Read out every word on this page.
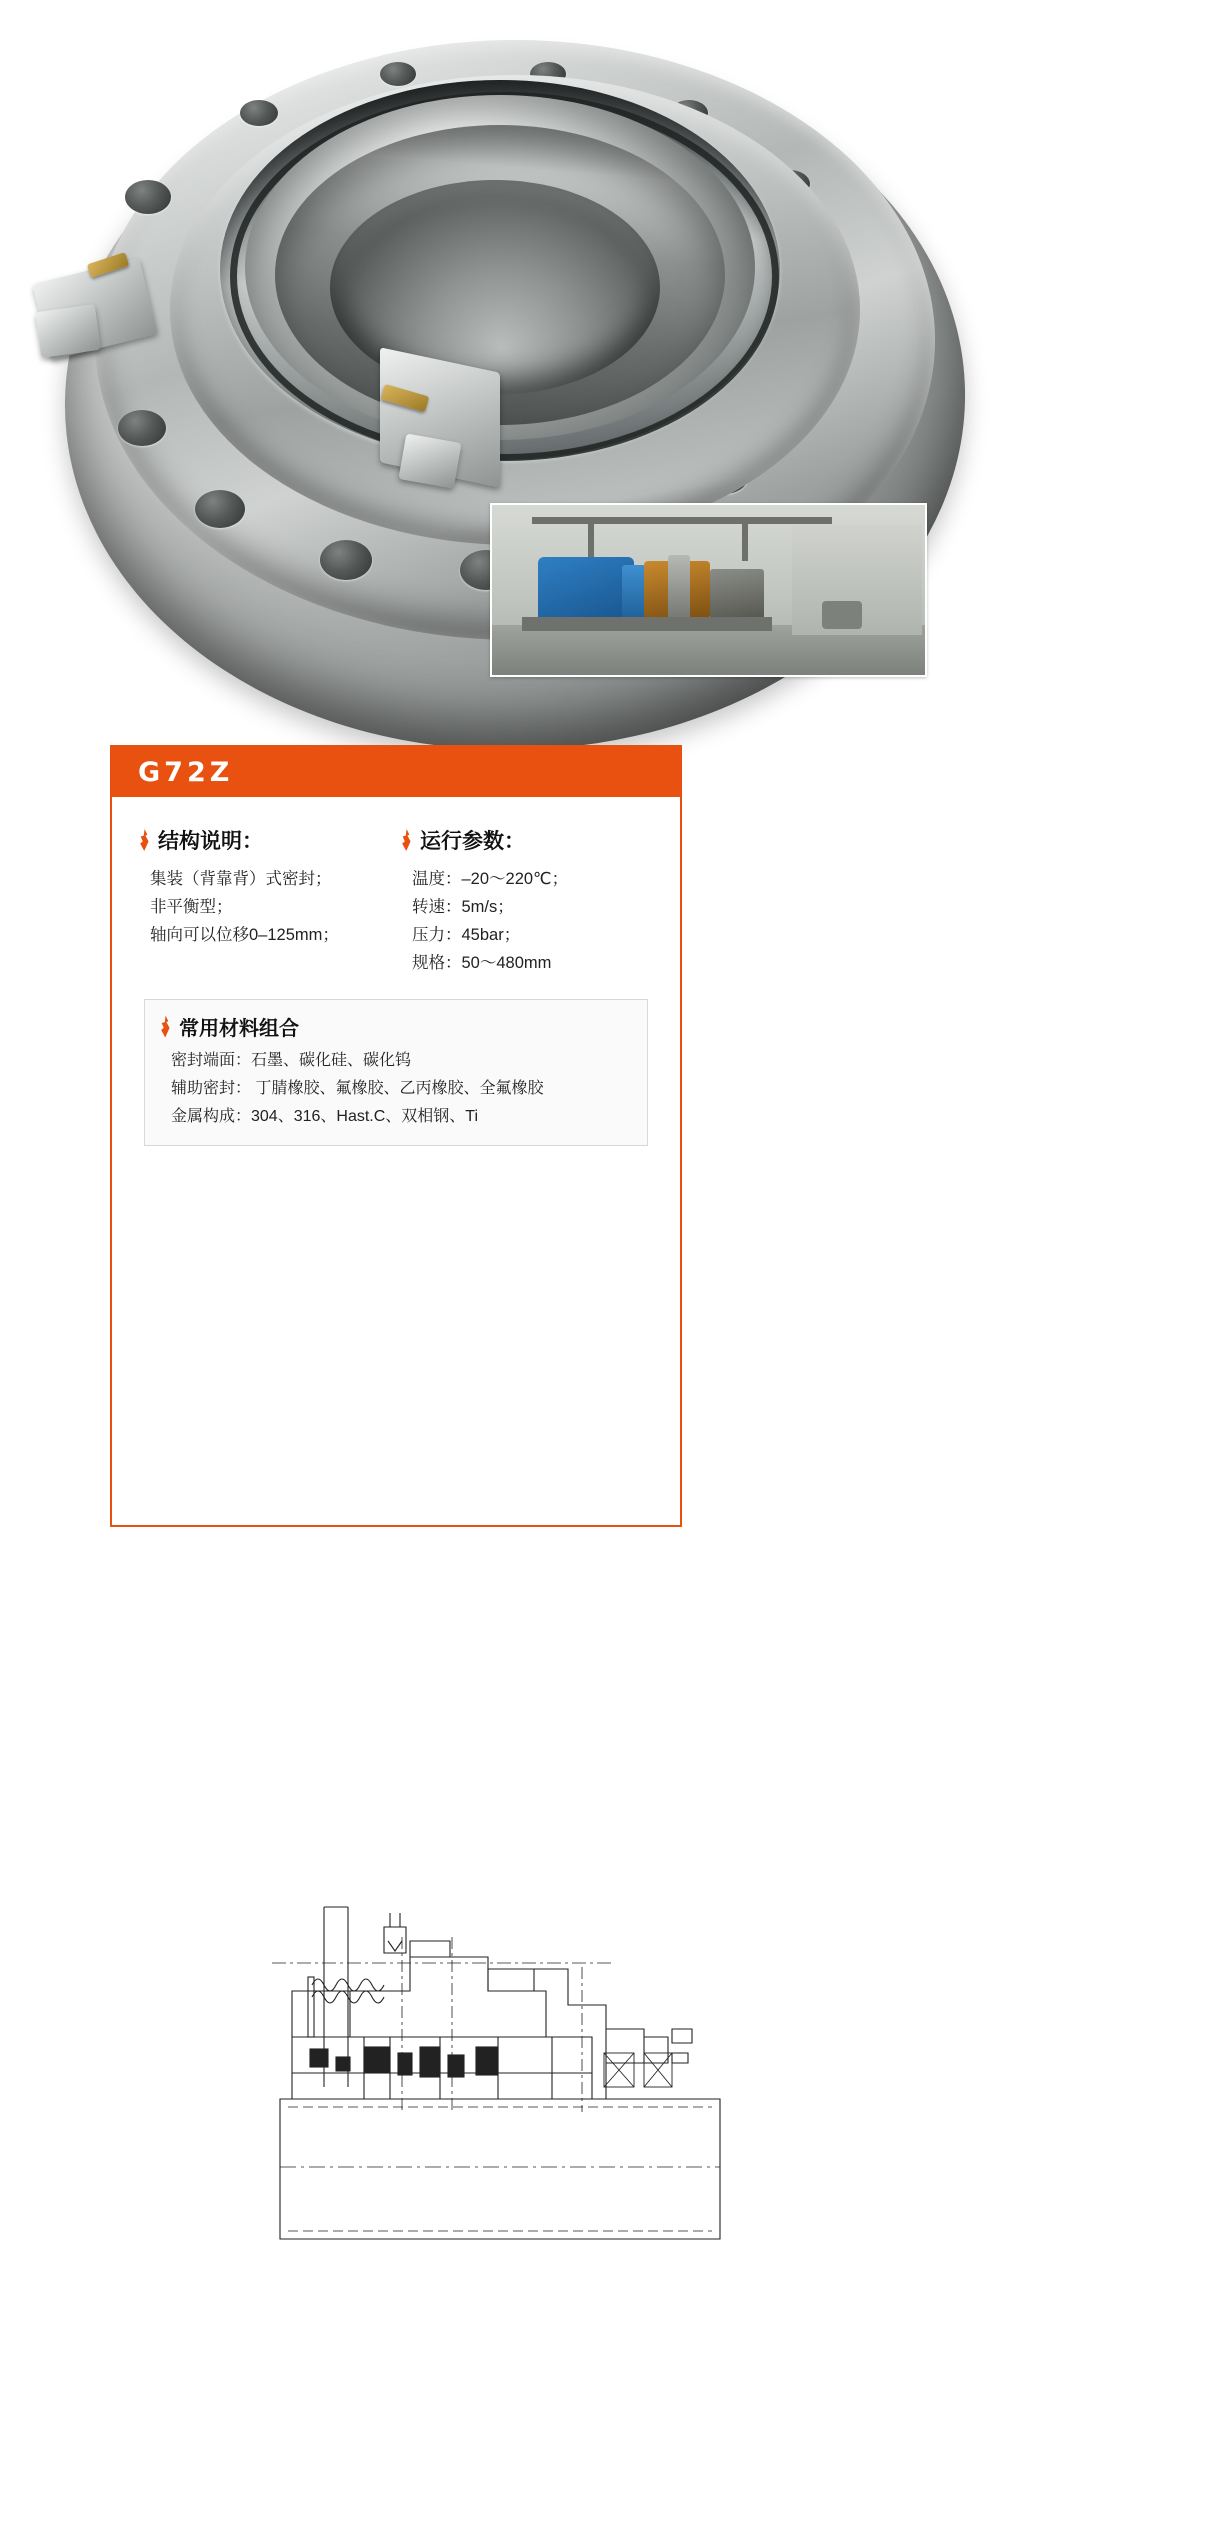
G72Z
结构说明：
集装（背靠背）式密封；
非平衡型；
轴向可以位移0–125mm；
运行参数：
温度：–20～220℃；
转速：5m/s；
压力：45bar；
规格：50～480mm
常用材料组合
密封端面：石墨、碳化硅、碳化钨
辅助密封： 丁腈橡胶、氟橡胶、乙丙橡胶、全氟橡胶
金属构成：304、316、Hast.C、双相钢、Ti
